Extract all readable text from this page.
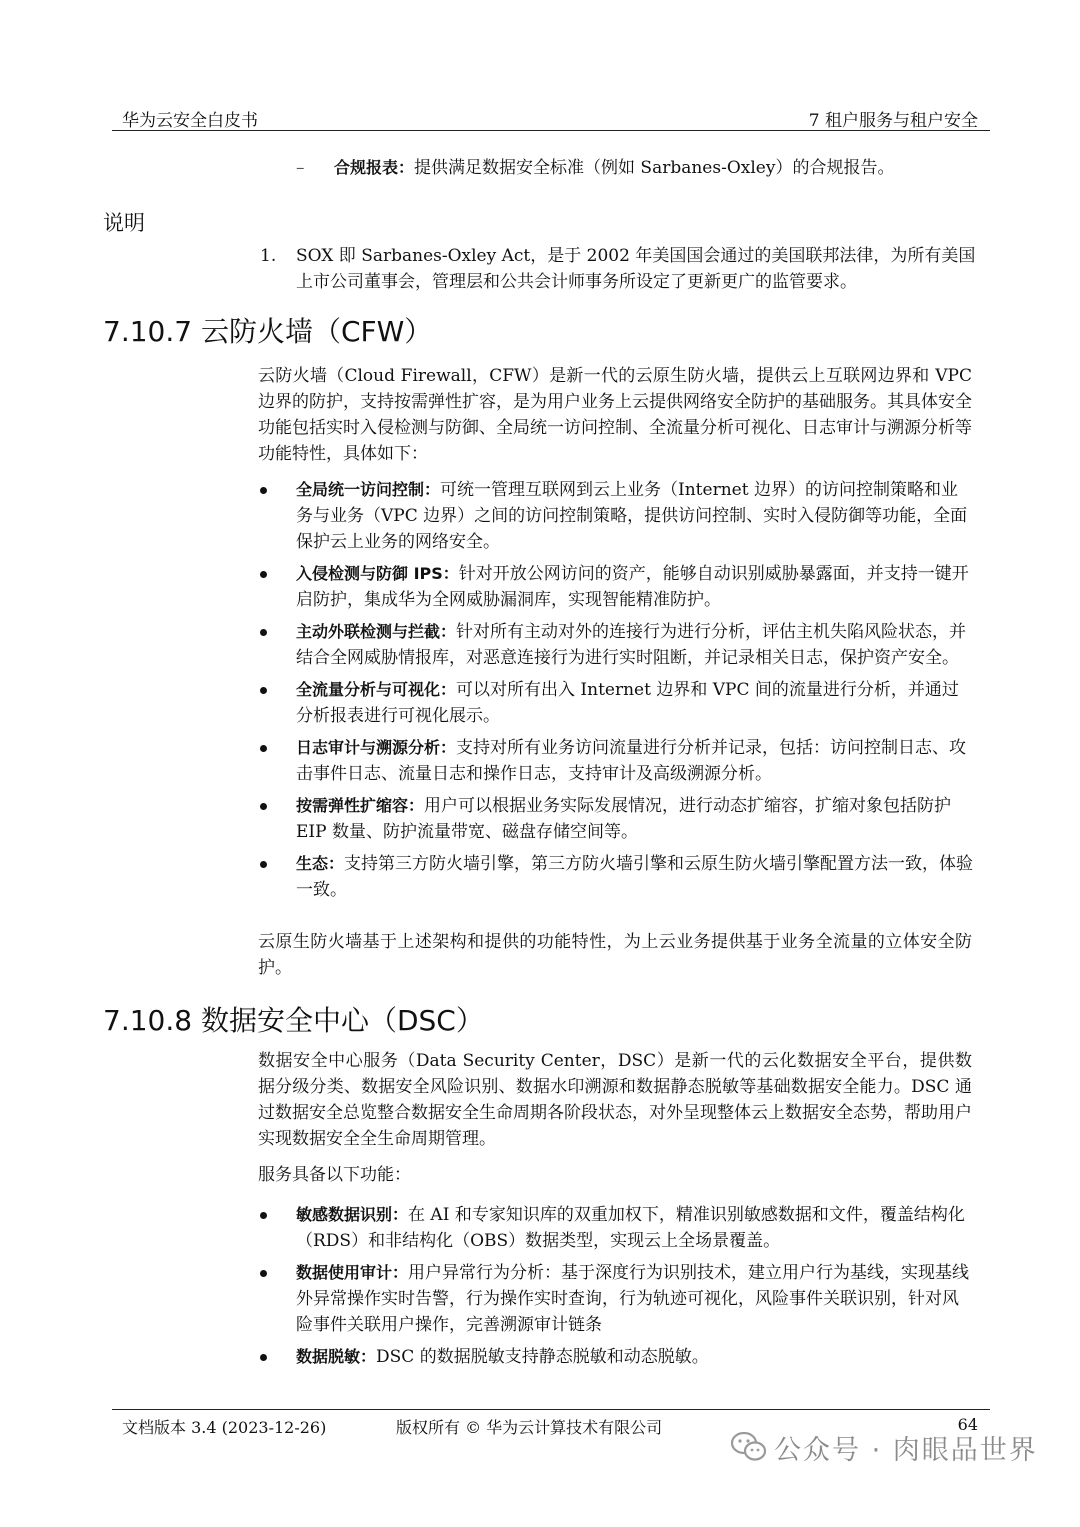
华为云安全白皮书	7 租户服务与租户安全
– 合规报表：提供满足数据安全标准（例如 Sarbanes-Oxley）的合规报告。
说明
1. SOX 即 Sarbanes-Oxley Act，是于 2002 年美国国会通过的美国联邦法律，为所有美国上市公司董事会，管理层和公共会计师事务所设定了更新更广的监管要求。
7.10.7 云防火墙（CFW）
云防火墙（Cloud Firewall，CFW）是新一代的云原生防火墙，提供云上互联网边界和 VPC 边界的防护，支持按需弹性扩容，是为用户业务上云提供网络安全防护的基础服务。其具体安全功能包括实时入侵检测与防御、全局统一访问控制、全流量分析可视化、日志审计与溯源分析等功能特性，具体如下：
全局统一访问控制：可统一管理互联网到云上业务（Internet 边界）的访问控制策略和业务与业务（VPC 边界）之间的访问控制策略，提供访问控制、实时入侵防御等功能，全面保护云上业务的网络安全。
入侵检测与防御 IPS：针对开放公网访问的资产，能够自动识别威胁暴露面，并支持一键开启防护，集成华为全网威胁漏洞库，实现智能精准防护。
主动外联检测与拦截：针对所有主动对外的连接行为进行分析，评估主机失陷风险状态，并结合全网威胁情报库，对恶意连接行为进行实时阻断，并记录相关日志，保护资产安全。
全流量分析与可视化：可以对所有出入 Internet 边界和 VPC 间的流量进行分析，并通过分析报表进行可视化展示。
日志审计与溯源分析：支持对所有业务访问流量进行分析并记录，包括：访问控制日志、攻击事件日志、流量日志和操作日志，支持审计及高级溯源分析。
按需弹性扩缩容：用户可以根据业务实际发展情况，进行动态扩缩容，扩缩对象包括防护 EIP 数量、防护流量带宽、磁盘存储空间等。
生态：支持第三方防火墙引擎，第三方防火墙引擎和云原生防火墙引擎配置方法一致，体验一致。
云原生防火墙基于上述架构和提供的功能特性，为上云业务提供基于业务全流量的立体安全防护。
7.10.8 数据安全中心（DSC）
数据安全中心服务（Data Security Center，DSC）是新一代的云化数据安全平台，提供数据分级分类、数据安全风险识别、数据水印溯源和数据静态脱敏等基础数据安全能力。DSC 通过数据安全总览整合数据安全生命周期各阶段状态，对外呈现整体云上数据安全态势，帮助用户实现数据安全全生命周期管理。
服务具备以下功能：
敏感数据识别：在 AI 和专家知识库的双重加权下，精准识别敏感数据和文件，覆盖结构化（RDS）和非结构化（OBS）数据类型，实现云上全场景覆盖。
数据使用审计：用户异常行为分析：基于深度行为识别技术，建立用户行为基线，实现基线外异常操作实时告警，行为操作实时查询，行为轨迹可视化，风险事件关联识别，针对风险事件关联用户操作，完善溯源审计链条
数据脱敏：DSC 的数据脱敏支持静态脱敏和动态脱敏。
文档版本 3.4 (2023-12-26)	版权所有 © 华为云计算技术有限公司	64
公众号 · 肉眼品世界
